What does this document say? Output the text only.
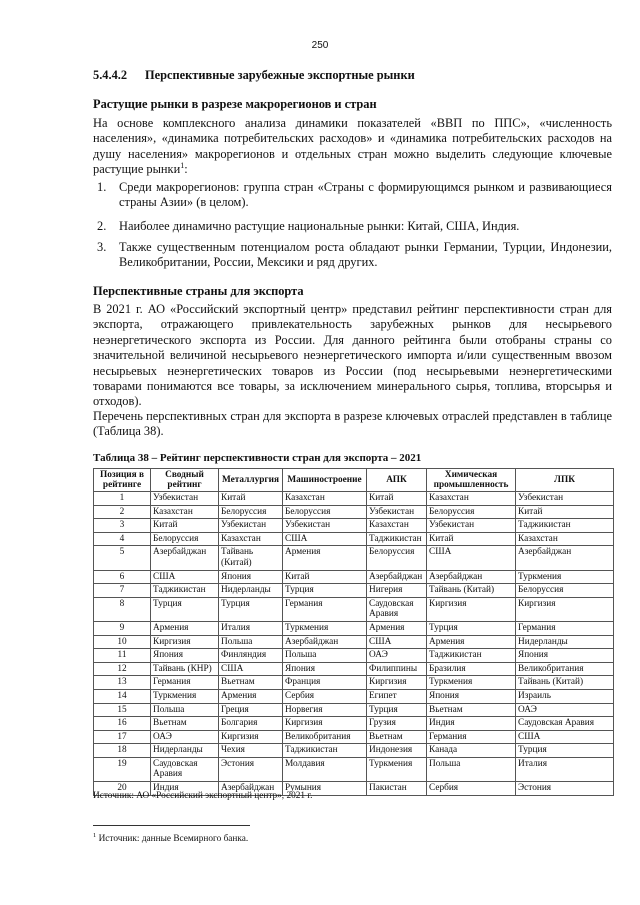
250
5.4.4.2 Перспективные зарубежные экспортные рынки
Растущие рынки в разрезе макрорегионов и стран
На основе комплексного анализа динамики показателей «ВВП по ППС», «численность населения», «динамика потребительских расходов» и «динамика потребительских расходов на душу населения» макрорегионов и отдельных стран можно выделить следующие ключевые растущие рынки$^1$:
1. Среди макрорегионов: группа стран «Страны с формирующимся рынком и развивающиеся страны Азии» (в целом).
2. Наиболее динамично растущие национальные рынки: Китай, США, Индия.
3. Также существенным потенциалом роста обладают рынки Германии, Турции, Индонезии, Великобритании, России, Мексики и ряд других.
Перспективные страны для экспорта
В 2021 г. АО «Российский экспортный центр» представил рейтинг перспективности стран для экспорта, отражающего привлекательность зарубежных рынков для несырьевого неэнергетического экспорта из России. Для данного рейтинга были отобраны страны со значительной величиной несырьевого неэнергетического импорта и/или существенным ввозом несырьевых неэнергетических товаров из России (под несырьевыми неэнергетическими товарами понимаются все товары, за исключением минерального сырья, топлива, вторсырья и отходов).
Перечень перспективных стран для экспорта в разрезе ключевых отраслей представлен в таблице (Таблица 38).
Таблица 38 – Рейтинг перспективности стран для экспорта – 2021
Позиция в рейтинге	Сводный рейтинг	Металлургия	Машиностроение	АПК	Химическая промышленность	ЛПК
1	Узбекистан	Китай	Казахстан	Китай	Казахстан	Узбекистан
2	Казахстан	Белоруссия	Белоруссия	Узбекистан	Белоруссия	Китай
3	Китай	Узбекистан	Узбекистан	Казахстан	Узбекистан	Таджикистан
4	Белоруссия	Казахстан	США	Таджикистан	Китай	Казахстан
5	Азербайджан	Тайвань (Китай)	Армения	Белоруссия	США	Азербайджан
6	США	Япония	Китай	Азербайджан	Азербайджан	Туркмения
7	Таджикистан	Нидерланды	Турция	Нигерия	Тайвань (Китай)	Белоруссия
8	Турция	Турция	Германия	Саудовская Аравия	Киргизия	Киргизия
9	Армения	Италия	Туркмения	Армения	Турция	Германия
10	Киргизия	Польша	Азербайджан	США	Армения	Нидерланды
11	Япония	Финляндия	Польша	ОАЭ	Таджикистан	Япония
12	Тайвань (КНР)	США	Япония	Филиппины	Бразилия	Великобритания
13	Германия	Вьетнам	Франция	Киргизия	Туркмения	Тайвань (Китай)
14	Туркмения	Армения	Сербия	Египет	Япония	Израиль
15	Польша	Греция	Норвегия	Турция	Вьетнам	ОАЭ
16	Вьетнам	Болгария	Киргизия	Грузия	Индия	Саудовская Аравия
17	ОАЭ	Киргизия	Великобритания	Вьетнам	Германия	США
18	Нидерланды	Чехия	Таджикистан	Индонезия	Канада	Турция
19	Саудовская Аравия	Эстония	Молдавия	Туркмения	Польша	Италия
20	Индия	Азербайджан	Румыния	Пакистан	Сербия	Эстония
Источник: АО «Российский экспортный центр», 2021 г.
$^1$ Источник: данные Всемирного банка.
